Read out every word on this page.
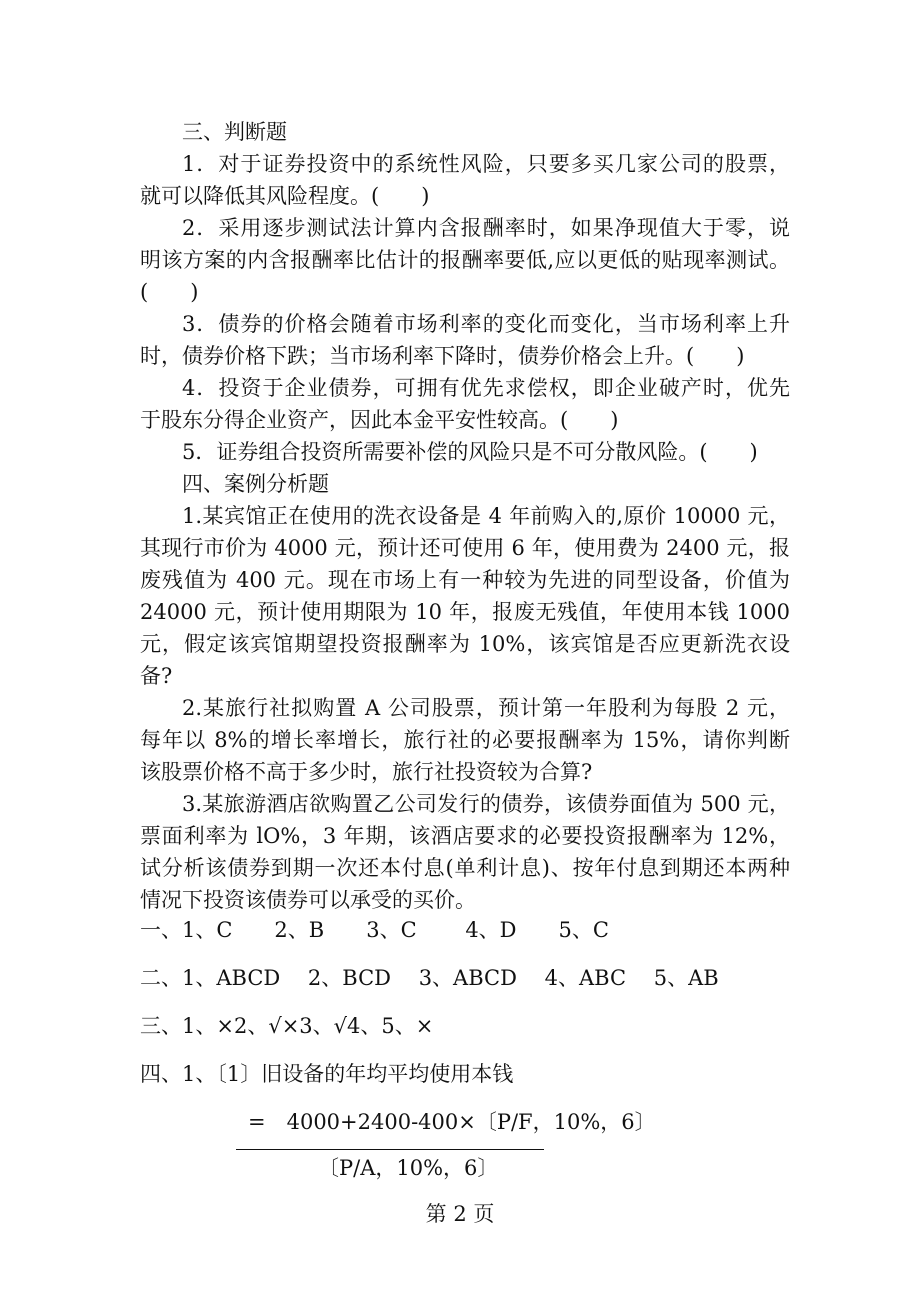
三、判断题
1．对于证券投资中的系统性风险，只要多买几家公司的股票，
就可以降低其风险程度。(　　)
2．采用逐步测试法计算内含报酬率时，如果净现值大于零，说
明该方案的内含报酬率比估计的报酬率要低,应以更低的贴现率测试。
(　　)
3．债券的价格会随着市场利率的变化而变化，当市场利率上升
时，债券价格下跌；当市场利率下降时，债券价格会上升。(　　)
4．投资于企业债券，可拥有优先求偿权，即企业破产时，优先
于股东分得企业资产，因此本金平安性较高。(　　)
5．证券组合投资所需要补偿的风险只是不可分散风险。(　　)
四、案例分析题
1.某宾馆正在使用的洗衣设备是 4 年前购入的,原价 10000 元，
其现行市价为 4000 元，预计还可使用 6 年，使用费为 2400 元，报
废残值为 400 元。现在市场上有一种较为先进的同型设备，价值为
24000 元，预计使用期限为 10 年，报废无残值，年使用本钱 1000
元，假定该宾馆期望投资报酬率为 10%，该宾馆是否应更新洗衣设
备?
2.某旅行社拟购置 A 公司股票，预计第一年股利为每股 2 元，
每年以 8%的增长率增长，旅行社的必要报酬率为 15%，请你判断
该股票价格不高于多少时，旅行社投资较为合算?
3.某旅游酒店欲购置乙公司发行的债券，该债券面值为 500 元，
票面利率为 lO%，3 年期，该酒店要求的必要投资报酬率为 12%，
试分析该债券到期一次还本付息(单利计息)、按年付息到期还本两种
情况下投资该债券可以承受的买价。
一、1、C　　2、B　　3、C　　 4、D　　5、C
二、1、ABCD　 2、BCD　 3、ABCD　 4、ABC　 5、AB
三、1、×2、√×3、√4、5、×
四、1、〔1〕旧设备的年均平均使用本钱
=　4000+2400-400×〔P/F，10%，6〕
〔P/A，10%，6〕
第 2 页
